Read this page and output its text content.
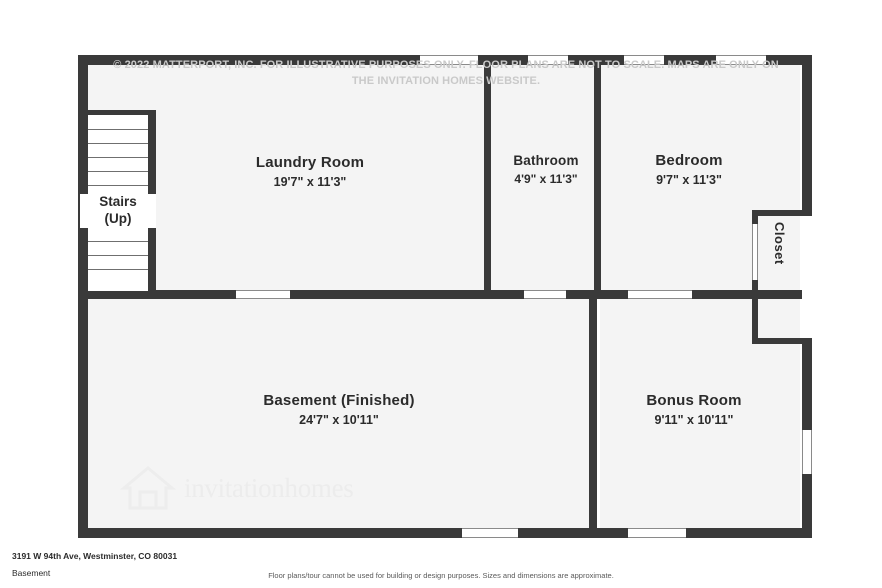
Stairs
(Up)
Laundry Room
19'7" x 11'3"
Bathroom
4'9" x 11'3"
Bedroom
9'7" x 11'3"
Basement (Finished)
24'7" x 10'11"
Bonus Room
9'11" x 10'11"
Closet
© 2022 MATTERPORT, INC. FOR ILLUSTRATIVE PURPOSES ONLY. FLOOR PLANS ARE NOT TO SCALE. MAPS ARE ONLY ON THE INVITATION HOMES WEBSITE.
invitationhomes
3191 W 94th Ave, Westminster, CO 80031
Basement	Floor plans/tour cannot be used for building or design purposes. Sizes and dimensions are approximate.
